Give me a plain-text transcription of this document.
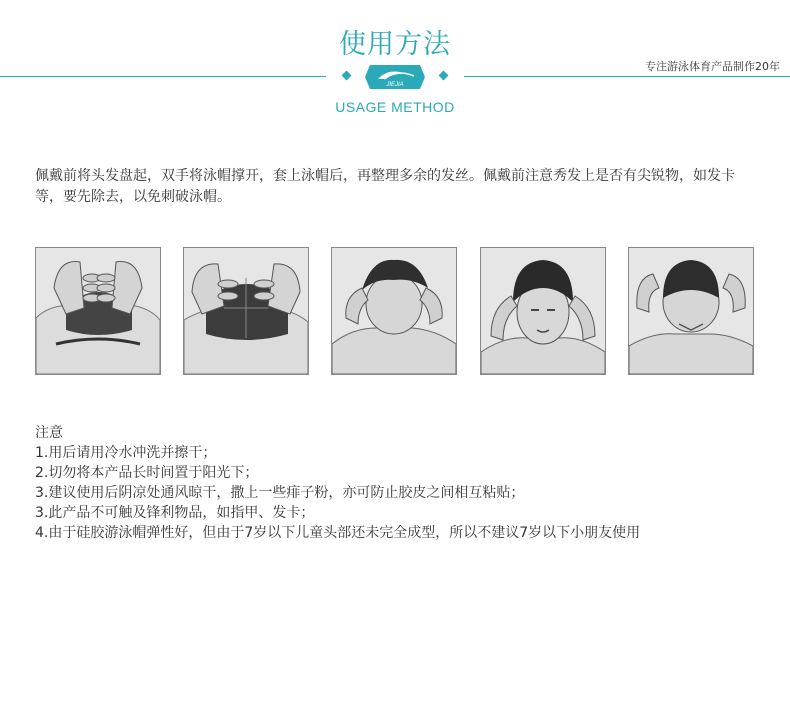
使用方法
专注游泳体育产品制作20年
JIEJIA
USAGE METHOD
佩戴前将头发盘起，双手将泳帽撑开，套上泳帽后，再整理多余的发丝。佩戴前注意秀发上是否有尖锐物，如发卡等，要先除去，以免刺破泳帽。
注意
1.用后请用冷水冲洗并擦干；
2.切勿将本产品长时间置于阳光下；
3.建议使用后阴凉处通风晾干，撒上一些痱子粉，亦可防止胶皮之间相互粘贴；
3.此产品不可触及锋利物品，如指甲、发卡；
4.由于硅胶游泳帽弹性好，但由于7岁以下儿童头部还未完全成型，所以不建议7岁以下小朋友使用
